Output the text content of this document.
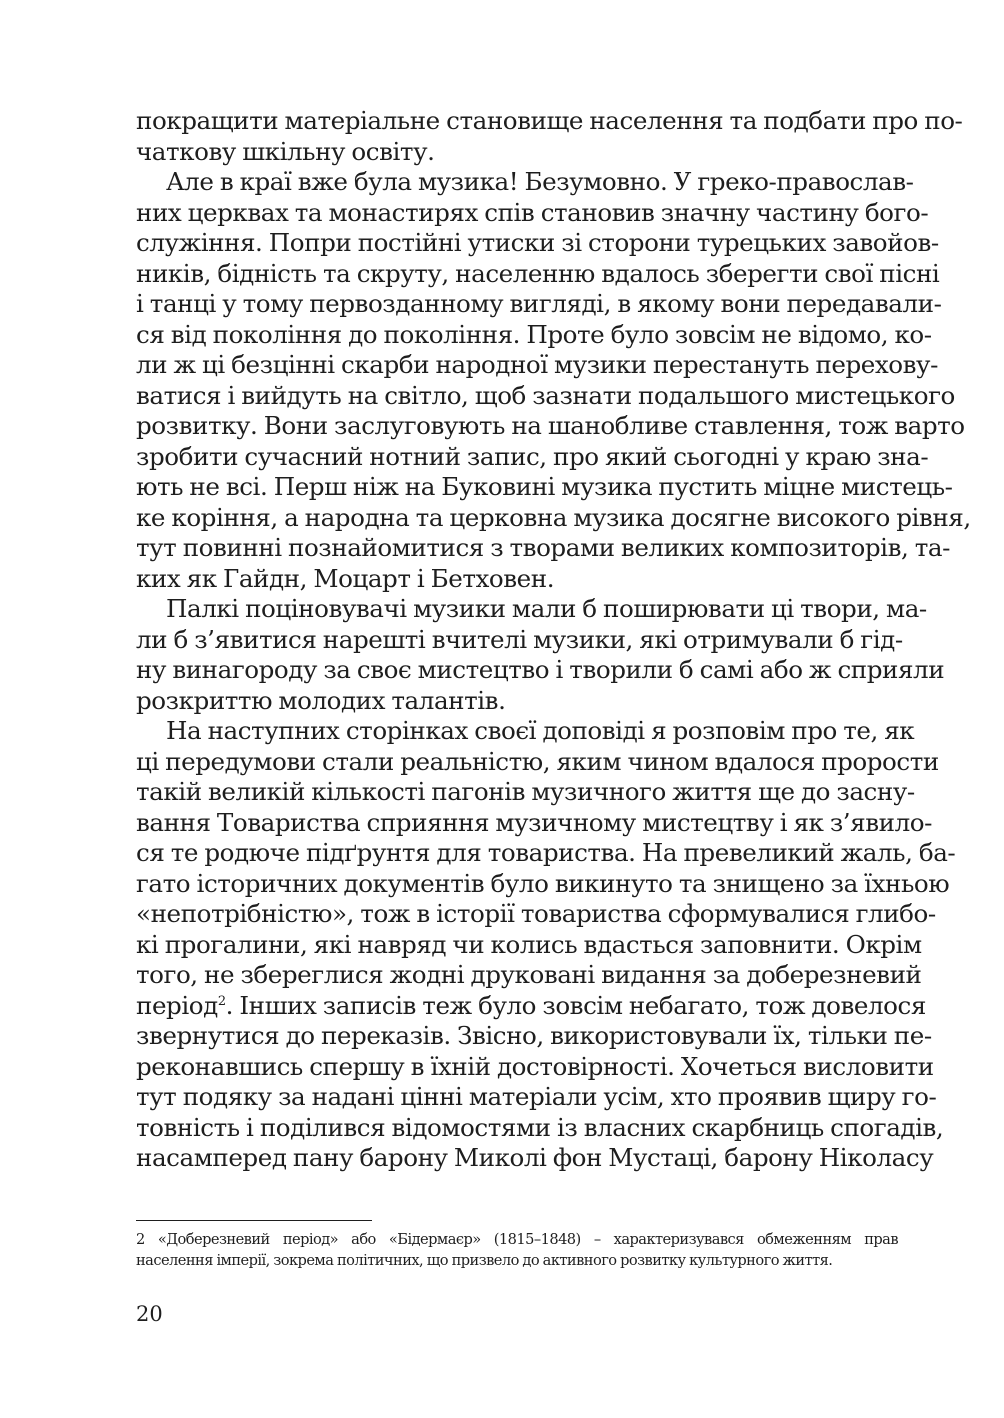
покращити матеріальне становище населення та подбати про по-
чаткову шкільну освіту.
Але в краї вже була музика! Безумовно. У греко-православ-
них церквах та монастирях спів становив значну частину бого-
служіння. Попри постійні утиски зі сторони турецьких завойов-
ників, бідність та скруту, населенню вдалось зберегти свої пісні
і танці у тому первозданному вигляді, в якому вони передавали-
ся від покоління до покоління. Проте було зовсім не відомо, ко-
ли ж ці безцінні скарби народної музики перестануть перехову-
ватися і вийдуть на світло, щоб зазнати подальшого мистецького
розвитку. Вони заслуговують на шанобливе ставлення, тож варто
зробити сучасний нотний запис, про який сьогодні у краю зна-
ють не всі. Перш ніж на Буковині музика пустить міцне мистець-
ке коріння, а народна та церковна музика досягне високого рівня,
тут повинні познайомитися з творами великих композиторів, та-
ких як Гайдн, Моцарт і Бетховен.
Палкі поціновувачі музики мали б поширювати ці твори, ма-
ли б з’явитися нарешті вчителі музики, які отримували б гід-
ну винагороду за своє мистецтво і творили б самі або ж сприяли
розкриттю молодих талантів.
На наступних сторінках своєї доповіді я розповім про те, як
ці передумови стали реальністю, яким чином вдалося прорости
такій великій кількості пагонів музичного життя ще до засну-
вання Товариства сприяння музичному мистецтву і як з’явило-
ся те родюче підґрунтя для товариства. На превеликий жаль, ба-
гато історичних документів було викинуто та знищено за їхньою
«непотрібністю», тож в історії товариства сформувалися глибо-
кі прогалини, які навряд чи колись вдасться заповнити. Окрім
того, не збереглися жодні друковані видання за доберезневий
період$^2$. Інших записів теж було зовсім небагато, тож довелося
звернутися до переказів. Звісно, використовували їх, тільки пе-
реконавшись спершу в їхній достовірності. Хочеться висловити
тут подяку за надані цінні матеріали усім, хто проявив щиру го-
товність і поділився відомостями із власних скарбниць спогадів,
насамперед пану барону Миколі фон Мустаці, барону Ніколасу
2 «Доберезневий період» або «Бідермаєр» (1815–1848) – характеризувався обмеженням прав
населення імперії, зокрема політичних, що призвело до активного розвитку культурного життя.
20
